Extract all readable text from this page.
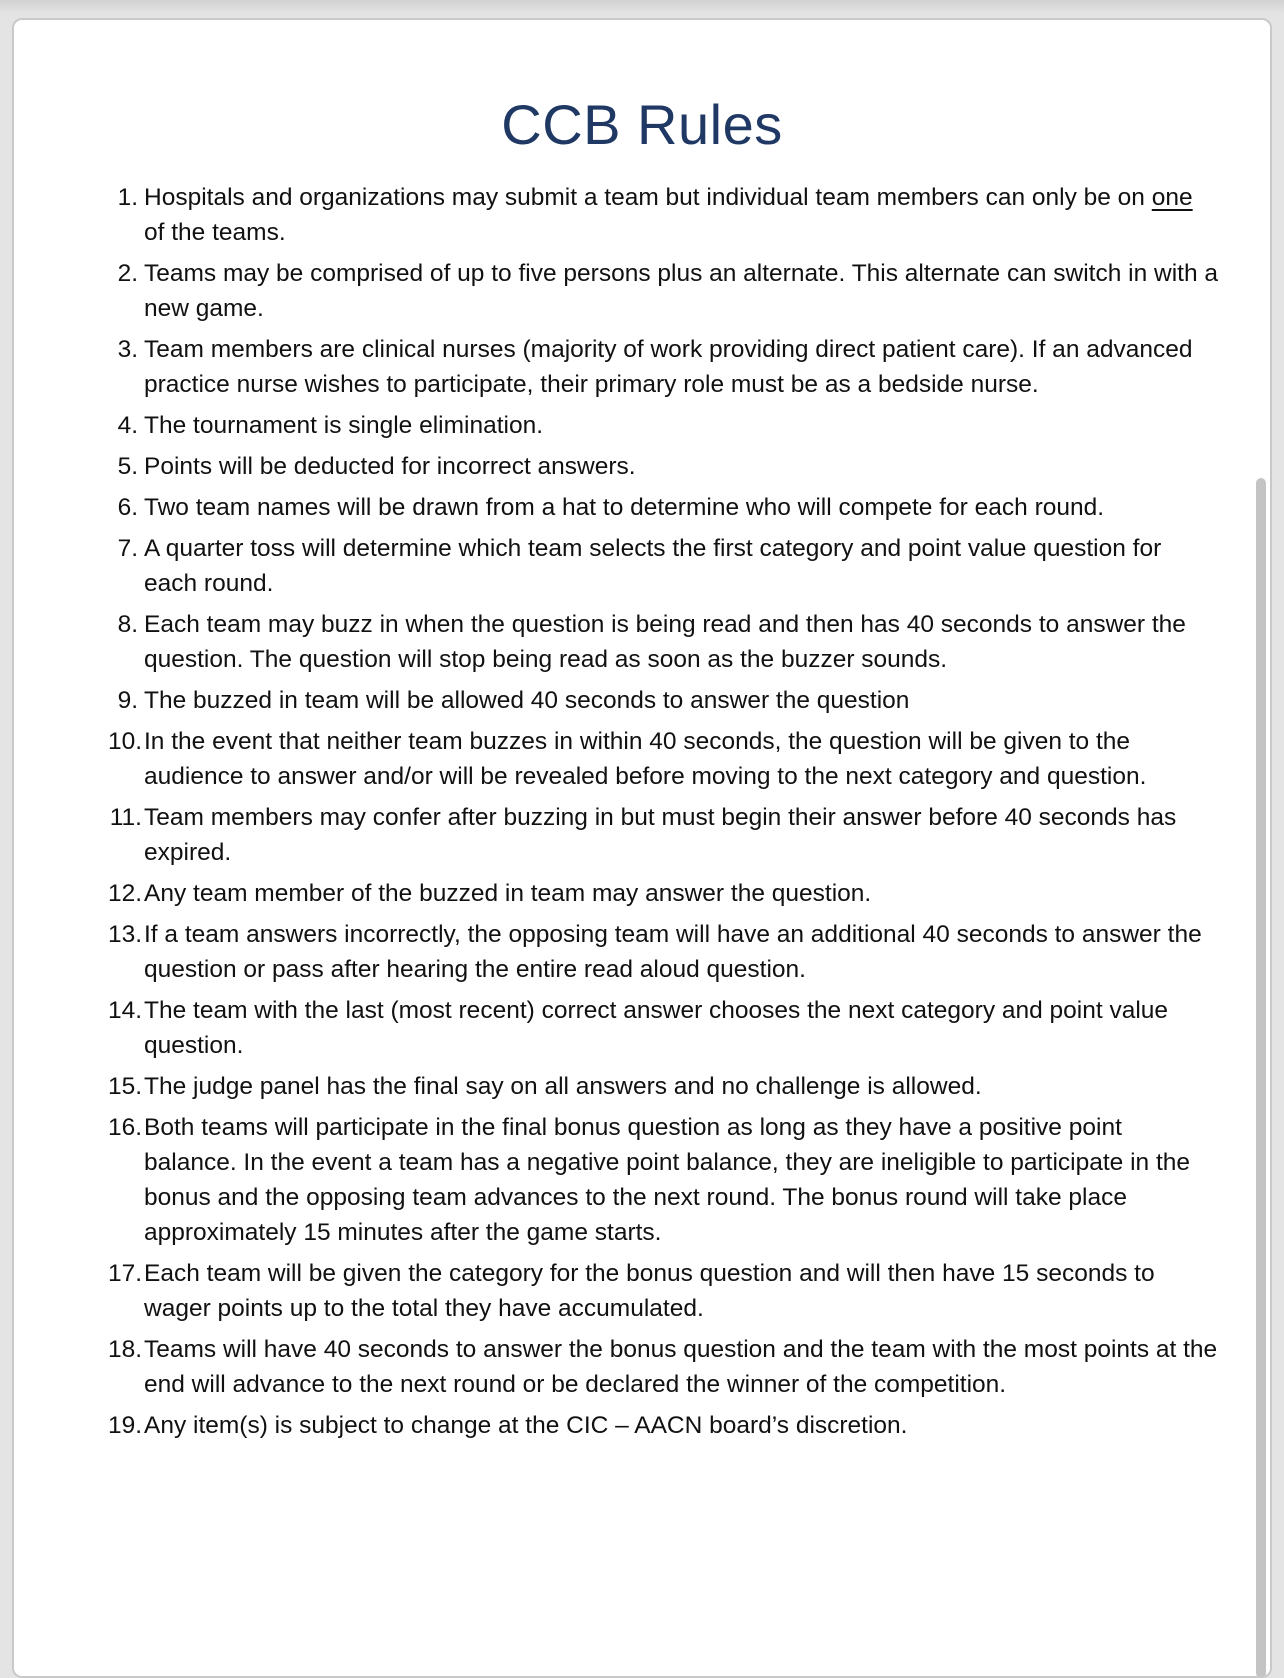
CCB Rules
1. Hospitals and organizations may submit a team but individual team members can only be on one of the teams.
2. Teams may be comprised of up to five persons plus an alternate. This alternate can switch in with a new game.
3. Team members are clinical nurses (majority of work providing direct patient care). If an advanced practice nurse wishes to participate, their primary role must be as a bedside nurse.
4. The tournament is single elimination.
5. Points will be deducted for incorrect answers.
6. Two team names will be drawn from a hat to determine who will compete for each round.
7. A quarter toss will determine which team selects the first category and point value question for each round.
8. Each team may buzz in when the question is being read and then has 40 seconds to answer the question. The question will stop being read as soon as the buzzer sounds.
9. The buzzed in team will be allowed 40 seconds to answer the question
10. In the event that neither team buzzes in within 40 seconds, the question will be given to the audience to answer and/or will be revealed before moving to the next category and question.
11. Team members may confer after buzzing in but must begin their answer before 40 seconds has expired.
12. Any team member of the buzzed in team may answer the question.
13. If a team answers incorrectly, the opposing team will have an additional 40 seconds to answer the question or pass after hearing the entire read aloud question.
14. The team with the last (most recent) correct answer chooses the next category and point value question.
15. The judge panel has the final say on all answers and no challenge is allowed.
16. Both teams will participate in the final bonus question as long as they have a positive point balance. In the event a team has a negative point balance, they are ineligible to participate in the bonus and the opposing team advances to the next round. The bonus round will take place approximately 15 minutes after the game starts.
17. Each team will be given the category for the bonus question and will then have 15 seconds to wager points up to the total they have accumulated.
18. Teams will have 40 seconds to answer the bonus question and the team with the most points at the end will advance to the next round or be declared the winner of the competition.
19. Any item(s) is subject to change at the CIC – AACN board’s discretion.
